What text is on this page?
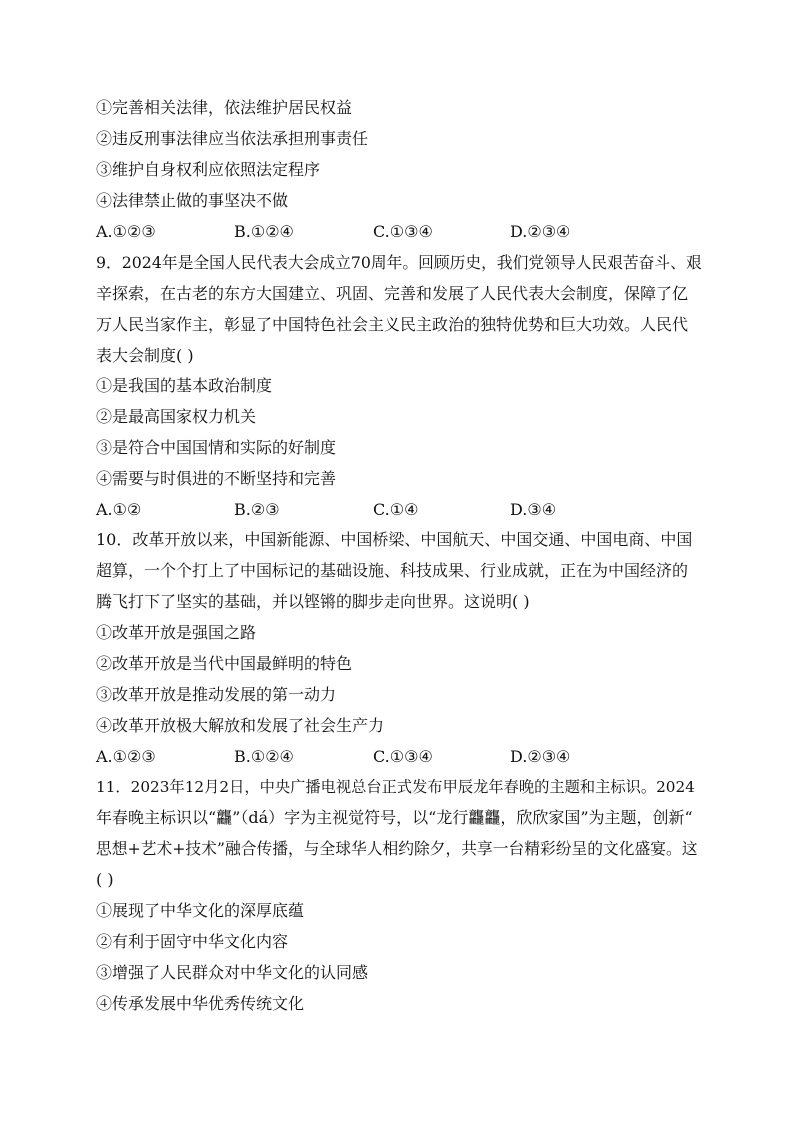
①完善相关法律，依法维护居民权益
②违反刑事法律应当依法承担刑事责任
③维护自身权利应依照法定程序
④法律禁止做的事坚决不做
A.①②③	B.①②④	C.①③④	D.②③④
9．2024年是全国人民代表大会成立70周年。回顾历史，我们党领导人民艰苦奋斗、艰
辛探索，在古老的东方大国建立、巩固、完善和发展了人民代表大会制度，保障了亿
万人民当家作主，彰显了中国特色社会主义民主政治的独特优势和巨大功效。人民代
表大会制度( )
①是我国的基本政治制度
②是最高国家权力机关
③是符合中国国情和实际的好制度
④需要与时俱进的不断坚持和完善
A.①②	B.②③	C.①④	D.③④
10．改革开放以来，中国新能源、中国桥梁、中国航天、中国交通、中国电商、中国
超算，一个个打上了中国标记的基础设施、科技成果、行业成就，正在为中国经济的
腾飞打下了坚实的基础，并以铿锵的脚步走向世界。这说明( )
①改革开放是强国之路
②改革开放是当代中国最鲜明的特色
③改革开放是推动发展的第一动力
④改革开放极大解放和发展了社会生产力
A.①②③	B.①②④	C.①③④	D.②③④
11．2023年12月2日，中央广播电视总台正式发布甲辰龙年春晚的主题和主标识。2024
年春晚主标识以“龘”（dá）字为主视觉符号，以“龙行龘龘，欣欣家国”为主题，创新“
思想+艺术+技术”融合传播，与全球华人相约除夕，共享一台精彩纷呈的文化盛宴。这
( )
①展现了中华文化的深厚底蕴
②有利于固守中华文化内容
③增强了人民群众对中华文化的认同感
④传承发展中华优秀传统文化
